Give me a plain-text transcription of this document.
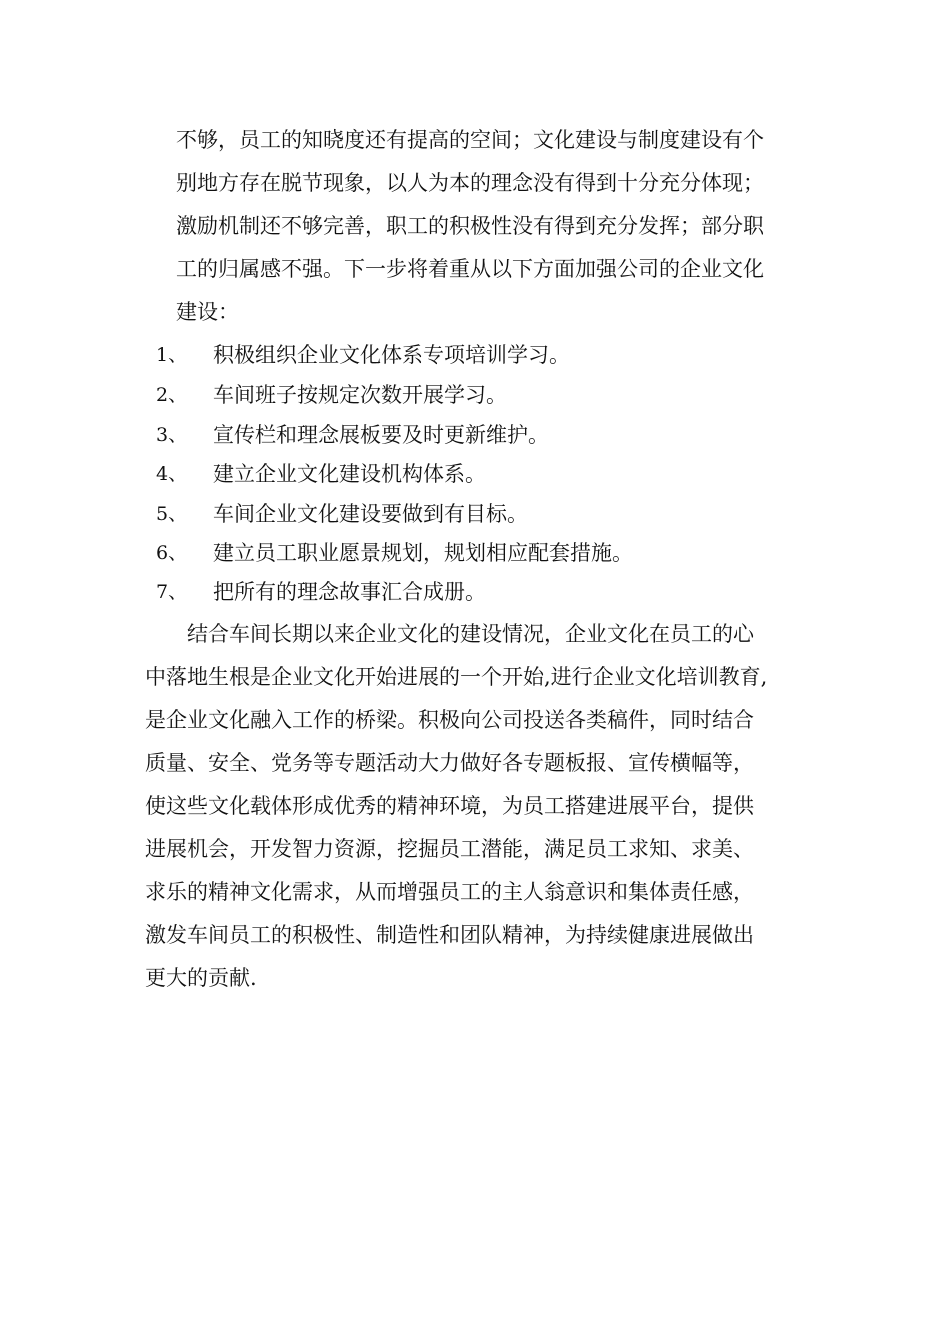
不够，员工的知晓度还有提高的空间；文化建设与制度建设有个
别地方存在脱节现象，以人为本的理念没有得到十分充分体现；
激励机制还不够完善，职工的积极性没有得到充分发挥；部分职
工的归属感不强。下一步将着重从以下方面加强公司的企业文化
建设：
1、 积极组织企业文化体系专项培训学习。
2、 车间班子按规定次数开展学习。
3、 宣传栏和理念展板要及时更新维护。
4、 建立企业文化建设机构体系。
5、 车间企业文化建设要做到有目标。
6、 建立员工职业愿景规划，规划相应配套措施。
7、 把所有的理念故事汇合成册。
结合车间长期以来企业文化的建设情况，企业文化在员工的心
中落地生根是企业文化开始进展的一个开始,进行企业文化培训教育,
是企业文化融入工作的桥梁。积极向公司投送各类稿件，同时结合
质量、安全、党务等专题活动大力做好各专题板报、宣传横幅等，
使这些文化载体形成优秀的精神环境，为员工搭建进展平台，提供
进展机会，开发智力资源，挖掘员工潜能，满足员工求知、求美、
求乐的精神文化需求，从而增强员工的主人翁意识和集体责任感，
激发车间员工的积极性、制造性和团队精神，为持续健康进展做出
更大的贡献.
